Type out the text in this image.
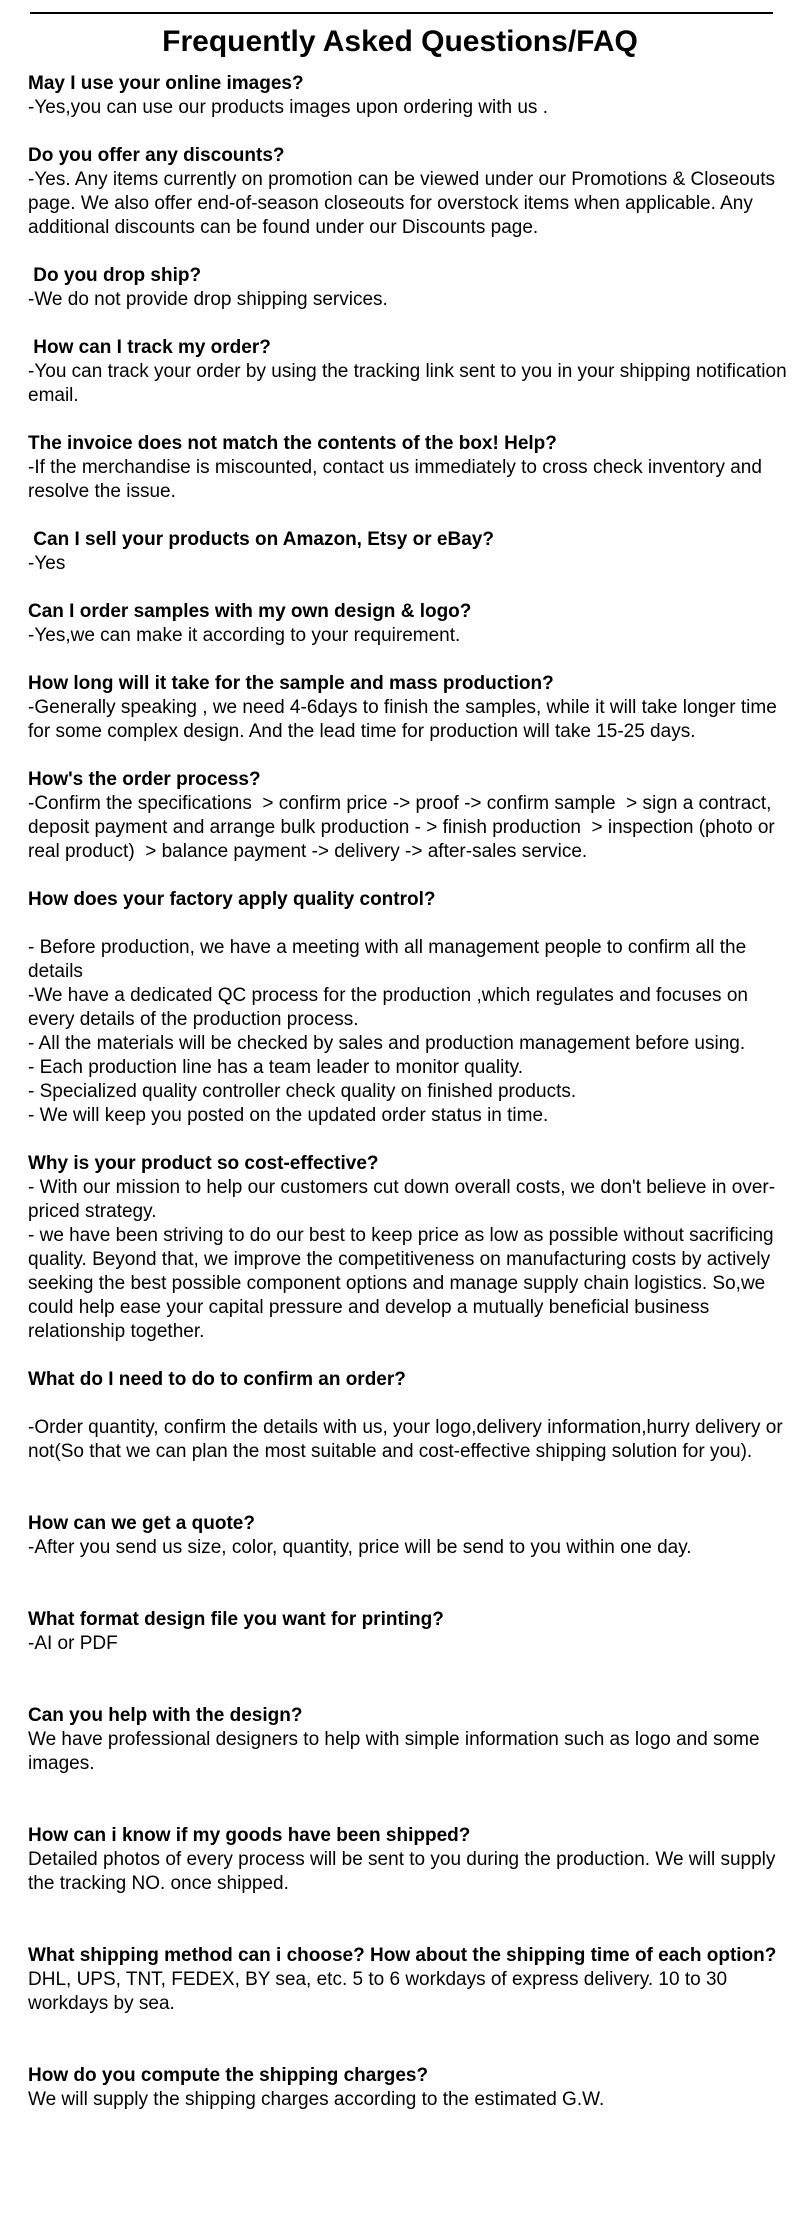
Frequently Asked Questions/FAQ

May I use your online images?

-Yes,you can use our products images upon ordering with us .

Do you offer any discounts?

-Yes. Any items currently on promotion can be viewed under our Promotions & Closeouts page. We also offer end-of-season closeouts for overstock items when applicable. Any additional discounts can be found under our Discounts page.

Do you drop ship?

-We do not provide drop shipping services.

How can I track my order?

-You can track your order by using the tracking link sent to you in your shipping notification email.

The invoice does not match the contents of the box! Help?

-If the merchandise is miscounted, contact us immediately to cross check inventory and resolve the issue.

Can I sell your products on Amazon, Etsy or eBay?

-Yes

Can I order samples with my own design & logo?

-Yes,we can make it according to your requirement.

How long will it take for the sample and mass production?

-Generally speaking , we need 4-6days to finish the samples, while it will take longer time for some complex design. And the lead time for production will take 15-25 days.

How's the order process?

-Confirm the specifications  > confirm price -> proof -> confirm sample  > sign a contract, deposit payment and arrange bulk production - > finish production  > inspection (photo or real product)  > balance payment -> delivery -> after-sales service.

How does your factory apply quality control?

- Before production, we have a meeting with all management people to confirm all the details
-We have a dedicated QC process for the production ,which regulates and focuses on every details of the production process.
- All the materials will be checked by sales and production management before using.
- Each production line has a team leader to monitor quality.
- Specialized quality controller check quality on finished products.
- We will keep you posted on the updated order status in time.

Why is your product so cost-effective?

- With our mission to help our customers cut down overall costs, we don't believe in over- priced strategy.
- we have been striving to do our best to keep price as low as possible without sacrificing quality. Beyond that, we improve the competitiveness on manufacturing costs by actively seeking the best possible component options and manage supply chain logistics. So,we could help ease your capital pressure and develop a mutually beneficial business relationship together.

What do I need to do to confirm an order?

-Order quantity, confirm the details with us, your logo,delivery information,hurry delivery or not(So that we can plan the most suitable and cost-effective shipping solution for you).

How can we get a quote?

-After you send us size, color, quantity, price will be send to you within one day.

What format design file you want for printing?

-AI or PDF

Can you help with the design?

We have professional designers to help with simple information such as logo and some images.

How can i know if my goods have been shipped?

Detailed photos of every process will be sent to you during the production. We will supply the tracking NO. once shipped.

What shipping method can i choose? How about the shipping time of each option?

DHL, UPS, TNT, FEDEX, BY sea, etc. 5 to 6 workdays of express delivery. 10 to 30 workdays by sea.

How do you compute the shipping charges?

We will supply the shipping charges according to the estimated G.W.
